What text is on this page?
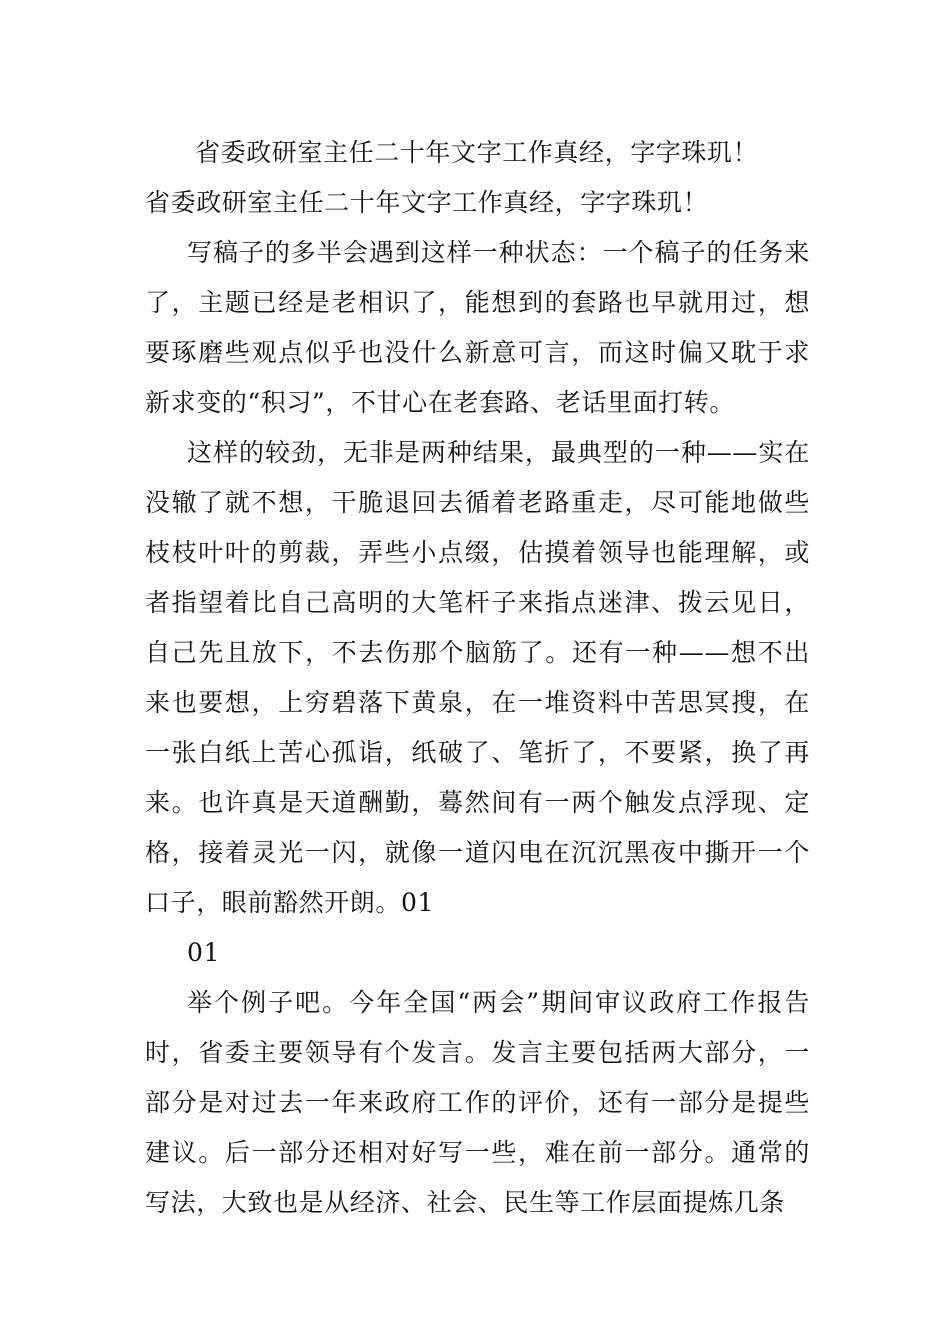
省委政研室主任二十年文字工作真经，字字珠玑！

省委政研室主任二十年文字工作真经，字字珠玑！

写稿子的多半会遇到这样一种状态：一个稿子的任务来了，主题已经是老相识了，能想到的套路也早就用过，想要琢磨些观点似乎也没什么新意可言，而这时偏又耽于求新求变的“积习”，不甘心在老套路、老话里面打转。

这样的较劲，无非是两种结果，最典型的一种——实在没辙了就不想，干脆退回去循着老路重走，尽可能地做些枝枝叶叶的剪裁，弄些小点缀，估摸着领导也能理解，或者指望着比自己高明的大笔杆子来指点迷津、拨云见日，自己先且放下，不去伤那个脑筋了。还有一种——想不出来也要想，上穷碧落下黄泉，在一堆资料中苦思冥搜，在一张白纸上苦心孤诣，纸破了、笔折了，不要紧，换了再来。也许真是天道酬勤，蓦然间有一两个触发点浮现、定格，接着灵光一闪，就像一道闪电在沉沉黑夜中撕开一个口子，眼前豁然开朗。01

01

举个例子吧。今年全国“两会”期间审议政府工作报告时，省委主要领导有个发言。发言主要包括两大部分，一部分是对过去一年来政府工作的评价，还有一部分是提些建议。后一部分还相对好写一些，难在前一部分。通常的写法，大致也是从经济、社会、民生等工作层面提炼几条
